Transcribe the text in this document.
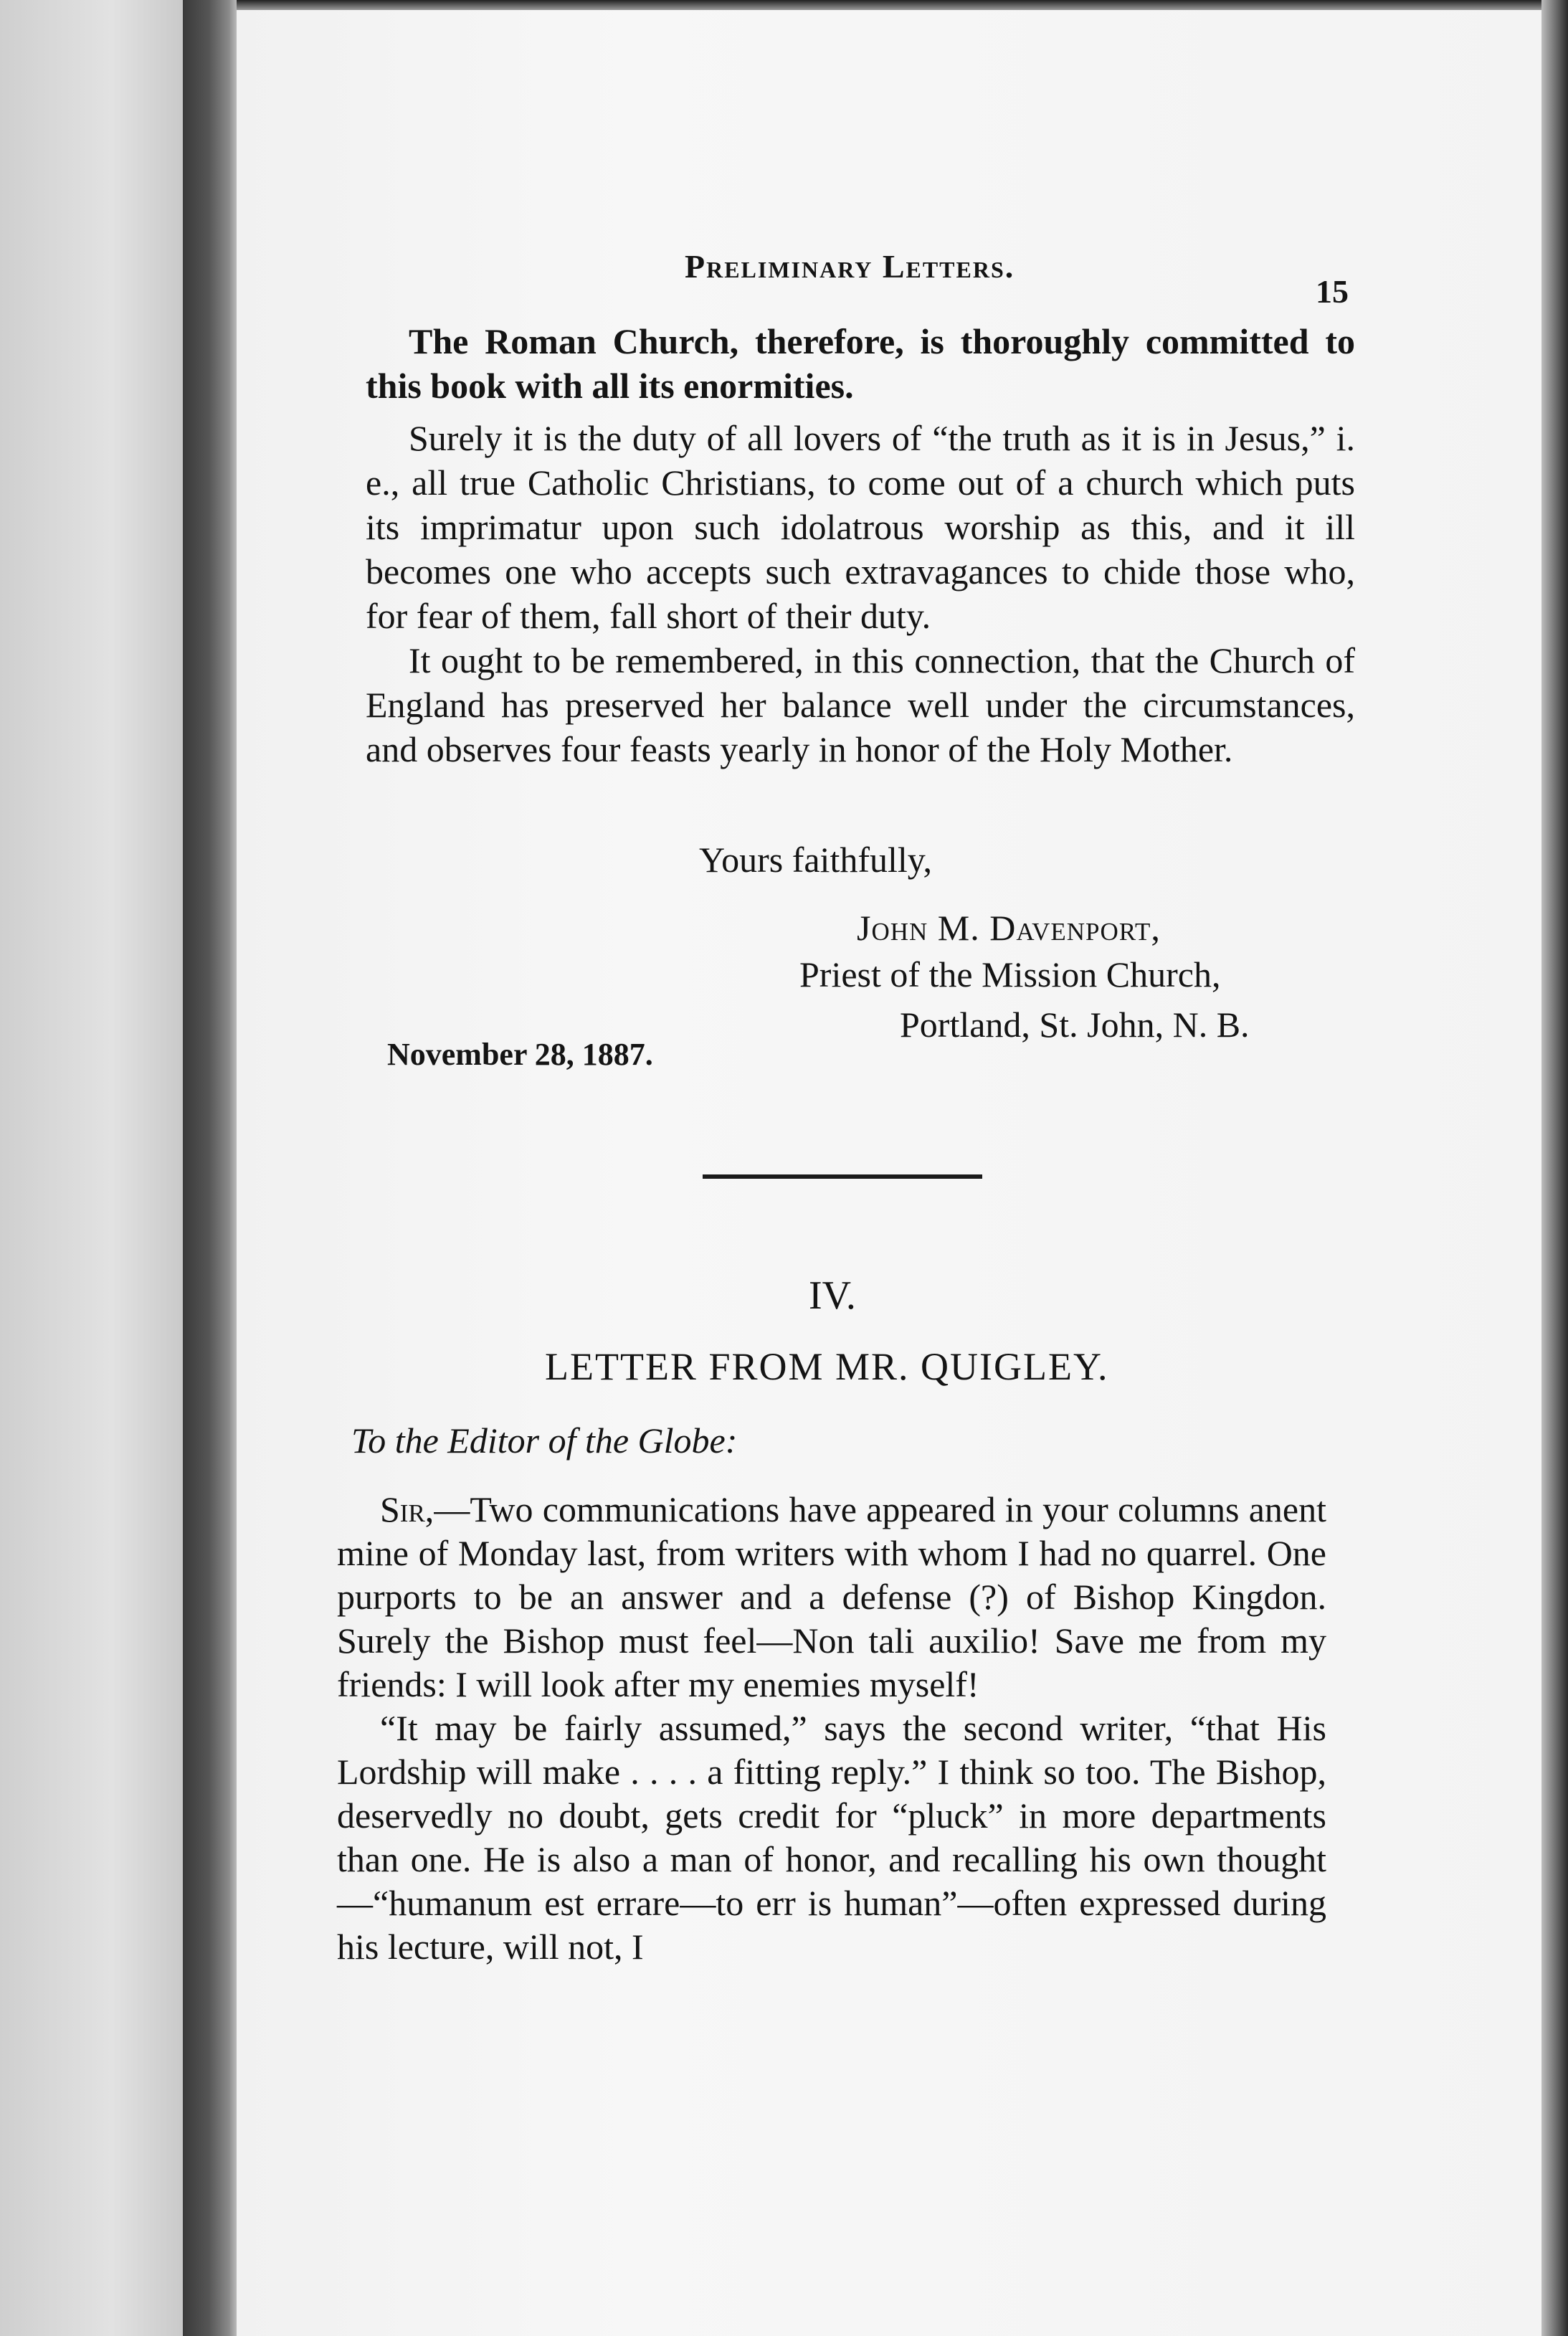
Preliminary Letters.
15

The Roman Church, therefore, is thoroughly committed to this book with all its enormities.

Surely it is the duty of all lovers of “the truth as it is in Jesus,” i. e., all true Catholic Christians, to come out of a church which puts its imprimatur upon such idolatrous worship as this, and it ill becomes one who accepts such extravagances to chide those who, for fear of them, fall short of their duty.

It ought to be remembered, in this connection, that the Church of England has preserved her balance well under the circumstances, and observes four feasts yearly in honor of the Holy Mother.

Yours faithfully,
John M. Davenport,
Priest of the Mission Church,
Portland, St. John, N. B.
November 28, 1887.
IV.
LETTER FROM MR. QUIGLEY.
To the Editor of the Globe:

Sir,—Two communications have appeared in your columns anent mine of Monday last, from writers with whom I had no quarrel. One purports to be an answer and a defense (?) of Bishop Kingdon. Surely the Bishop must feel—Non tali auxilio! Save me from my friends: I will look after my enemies myself!

“It may be fairly assumed,” says the second writer, “that His Lordship will make . . . . a fitting reply.” I think so too. The Bishop, deservedly no doubt, gets credit for “pluck” in more departments than one. He is also a man of honor, and recalling his own thought—“humanum est errare—to err is human”—often expressed during his lecture, will not, I
